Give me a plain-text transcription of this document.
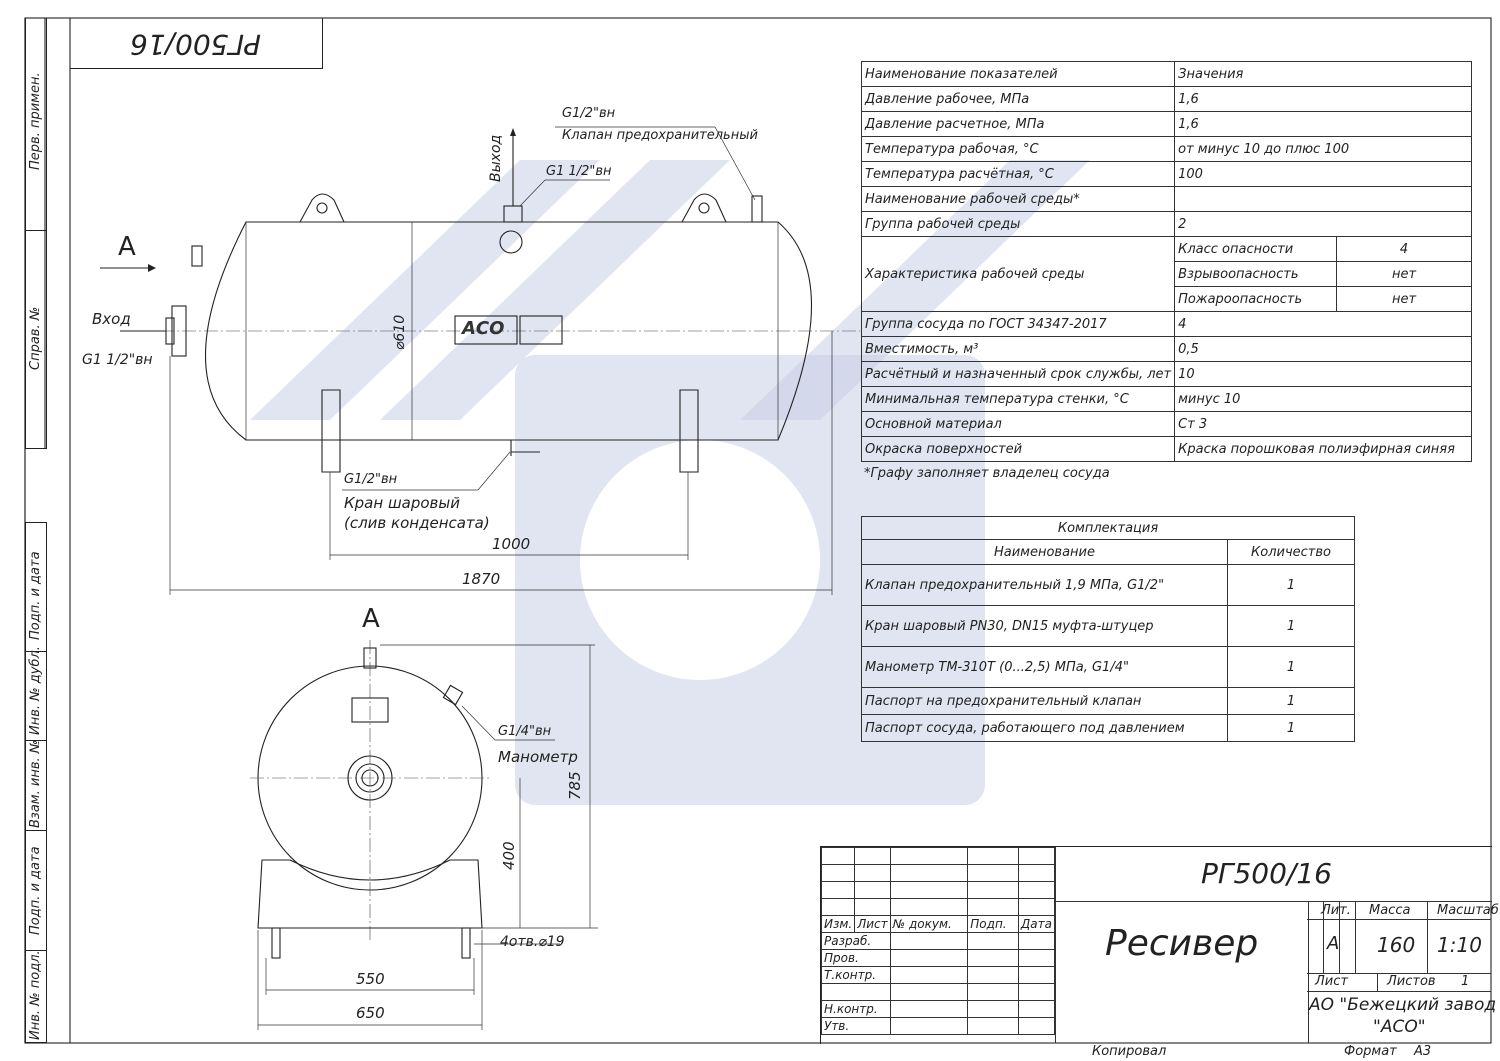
РГ500/16
Перв. примен.
Справ. №
Подп. и дата
Инв. № дубл.
Взам. инв. №
Подп. и дата
Инв. № подл.
A
Вход
G1 1/2"вн
Выход	G1 1/2"вн
G1/2"вн
Клапан предохранительный
⌀610	АСО
G1/2"вн
Кран шаровый
(слив конденсата)
1000
1870
A
G1/4"вн
Манометр
785
400
4отв.⌀19
550
650
Наименование показателей	Значения	
Давление рабочее, МПа	1,6	
Давление расчетное, МПа	1,6	
Температура рабочая, °С	от минус 10 до плюс 100	
Температура расчётная, °С	100	
Наименование рабочей среды*		
Группа рабочей среды	2	
Характеристика рабочей среды	Класс опасности	4
	Взрывоопасность	нет
	Пожароопасность	нет
Группа сосуда по ГОСТ 34347-2017	4	
Вместимость, м³	0,5	
Расчётный и назначенный срок службы, лет	10	
Минимальная температура стенки, °С	минус 10	
Основной материал	Ст 3	
Окраска поверхностей	Краска порошковая полиэфирная синяя	
*Графу заполняет владелец сосуда
Комплектация	
Наименование	Количество
Клапан предохранительный 1,9 МПа, G1/2"	1
Кран шаровый PN30, DN15 муфта-штуцер	1
Манометр ТМ-310Т (0...2,5) МПа, G1/4"	1
Паспорт на предохранительный клапан	1
Паспорт сосуда, работающего под давлением	1

Изм.	Лист	№ докум.	Подп.	Дата
Разраб.				
Пров.				
Т.контр.				

Н.контр.				
Утв.				
РГ500/16
Ресивер
Лит. Масса Масштаб
А 160 1:10
Лист	Листов 1
АО "Бежецкий завод
"АСО"
Копировал	Формат А3
